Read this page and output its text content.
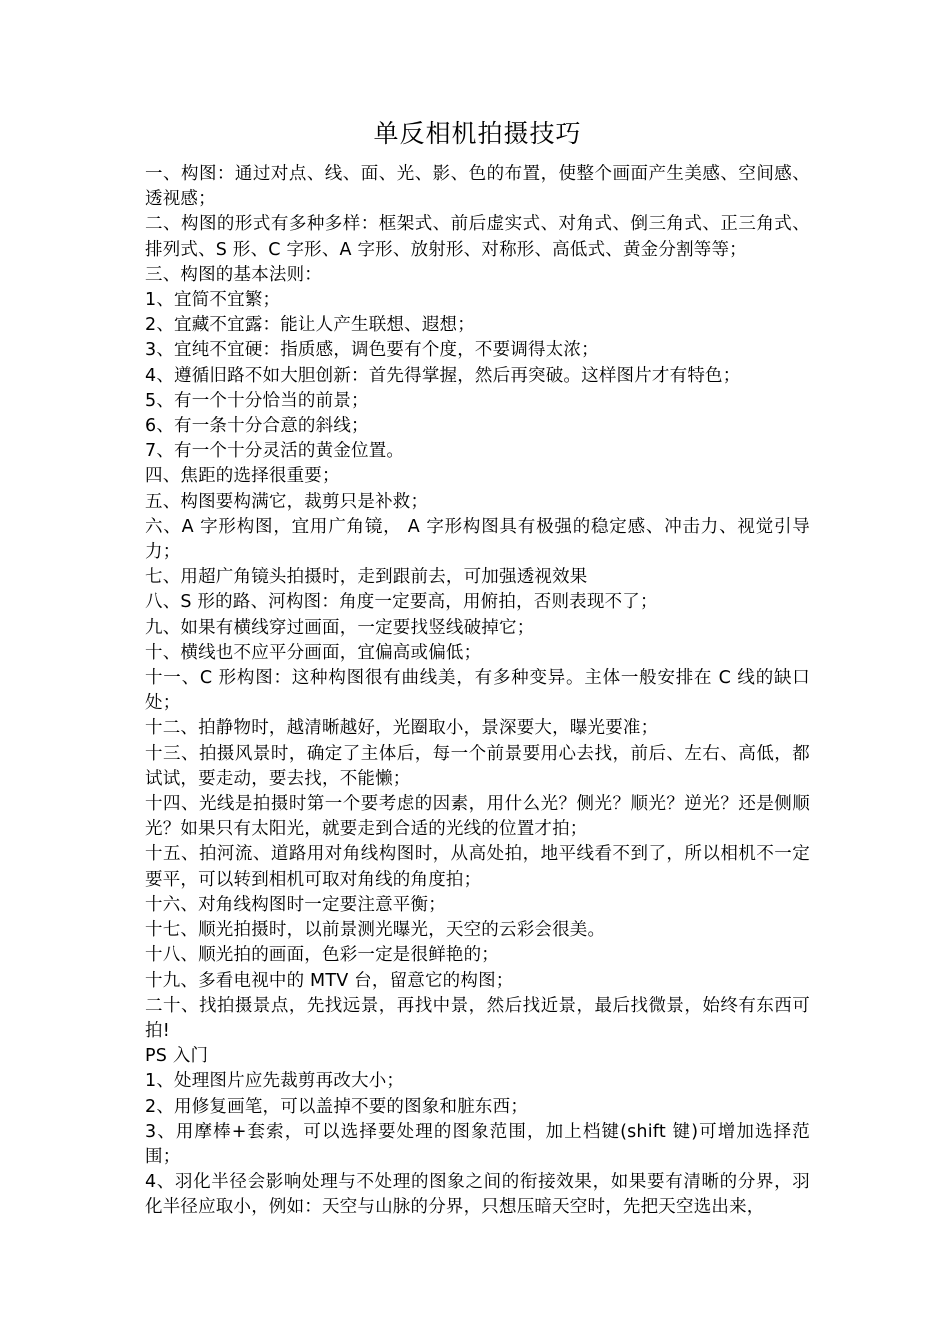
单反相机拍摄技巧

一、构图：通过对点、线、面、光、影、色的布置，使整个画面产生美感、空间感、透视感；

二、构图的形式有多种多样：框架式、前后虚实式、对角式、倒三角式、正三角式、排列式、S 形、C 字形、A 字形、放射形、对称形、高低式、黄金分割等等；

三、构图的基本法则：

1、宜简不宜繁；

2、宜藏不宜露：能让人产生联想、遐想；

3、宜纯不宜硬：指质感，调色要有个度，不要调得太浓；

4、遵循旧路不如大胆创新：首先得掌握，然后再突破。这样图片才有特色；

5、有一个十分恰当的前景；

6、有一条十分合意的斜线；

7、有一个十分灵活的黄金位置。

四、焦距的选择很重要；

五、构图要构满它，裁剪只是补救；

六、A 字形构图，宜用广角镜， A 字形构图具有极强的稳定感、冲击力、视觉引导力；

七、用超广角镜头拍摄时，走到跟前去，可加强透视效果

八、S 形的路、河构图：角度一定要高，用俯拍，否则表现不了；

九、如果有横线穿过画面，一定要找竖线破掉它；

十、横线也不应平分画面，宜偏高或偏低；

十一、C 形构图：这种构图很有曲线美，有多种变异。主体一般安排在 C 线的缺口处；

十二、拍静物时，越清晰越好，光圈取小，景深要大，曝光要准；

十三、拍摄风景时，确定了主体后，每一个前景要用心去找，前后、左右、高低，都试试，要走动，要去找，不能懒；

十四、光线是拍摄时第一个要考虑的因素，用什么光？侧光？顺光？逆光？还是侧顺光？如果只有太阳光，就要走到合适的光线的位置才拍；

十五、拍河流、道路用对角线构图时，从高处拍，地平线看不到了，所以相机不一定要平，可以转到相机可取对角线的角度拍；

十六、对角线构图时一定要注意平衡；

十七、顺光拍摄时，以前景测光曝光，天空的云彩会很美。

十八、顺光拍的画面，色彩一定是很鲜艳的；

十九、多看电视中的 MTV 台，留意它的构图；

二十、找拍摄景点，先找远景，再找中景，然后找近景，最后找微景，始终有东西可拍!

PS 入门

1、处理图片应先裁剪再改大小；

2、用修复画笔，可以盖掉不要的图象和脏东西；

3、用摩棒+套索，可以选择要处理的图象范围，加上档键(shift 键)可增加选择范围；

4、羽化半径会影响处理与不处理的图象之间的衔接效果，如果要有清晰的分界，羽化半径应取小，例如：天空与山脉的分界，只想压暗天空时，先把天空选出来，
